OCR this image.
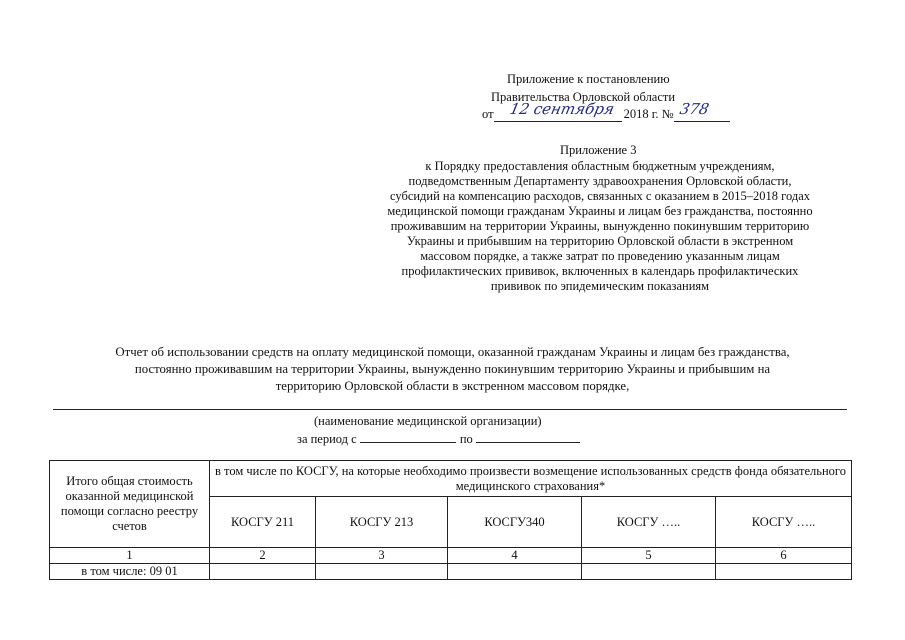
Приложение к постановлению
Правительства Орловской области
от 12 сентября 2018 г. № 378
Приложение 3
к Порядку предоставления областным бюджетным учреждениям,
подведомственным Департаменту здравоохранения Орловской области,
субсидий на компенсацию расходов, связанных с оказанием в 2015–2018 годах
медицинской помощи гражданам Украины и лицам без гражданства, постоянно
проживавшим на территории Украины, вынужденно покинувшим территорию
Украины и прибывшим на территорию Орловской области в экстренном
массовом порядке, а также затрат по проведению указанным лицам
профилактических прививок, включенных в календарь профилактических
прививок по эпидемическим показаниям
Отчет об использовании средств на оплату медицинской помощи, оказанной гражданам Украины и лицам без гражданства,
постоянно проживавшим на территории Украины, вынужденно покинувшим территорию Украины и прибывшим на
территорию Орловской области в экстренном массовом порядке,
(наименование медицинской организации)
за период с	по
Итого общая стоимость оказанной медицинской помощи согласно реестру счетов	в том числе по КОСГУ, на которые необходимо произвести возмещение использованных средств фонда обязательного медицинского страхования*				
	КОСГУ 211	КОСГУ 213	КОСГУ340	КОСГУ …..	КОСГУ …..
1	2	3	4	5	6
в том числе: 09 01					
